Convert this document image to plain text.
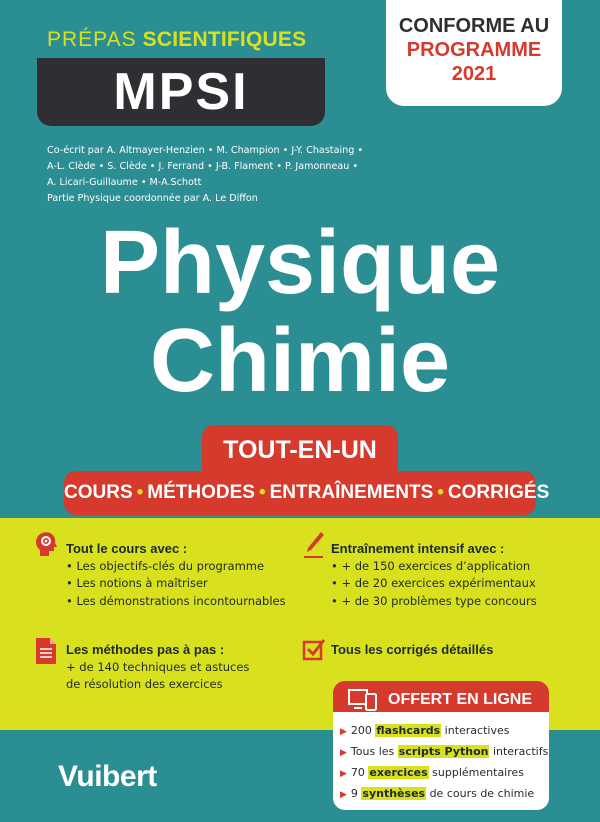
PRÉPAS SCIENTIFIQUES
MPSI
CONFORME AU
PROGRAMME 2021
Co-écrit par A. Altmayer-Henzien • M. Champion • J-Y. Chastaing •
A-L. Clède • S. Clède • J. Ferrand • J-B. Flament • P. Jamonneau •
A. Licari-Guillaume • M-A.Schott
Partie Physique coordonnée par A. Le Diffon
Physique
Chimie
TOUT-EN-UN
COURS • MÉTHODES • ENTRAÎNEMENTS • CORRIGÉS
Tout le cours avec :
• Les objectifs-clés du programme
• Les notions à maîtriser
• Les démonstrations incontournables
Entraînement intensif avec :
• + de 150 exercices d’application
• + de 20 exercices expérimentaux
• + de 30 problèmes type concours
Les méthodes pas à pas :
+ de 140 techniques et astuces
de résolution des exercices
Tous les corrigés détaillés
OFFERT EN LIGNE
▶ 200 flashcards interactives
▶ Tous les scripts Python interactifs
▶ 70 exercices supplémentaires
▶ 9 synthèses de cours de chimie
Vuibert
